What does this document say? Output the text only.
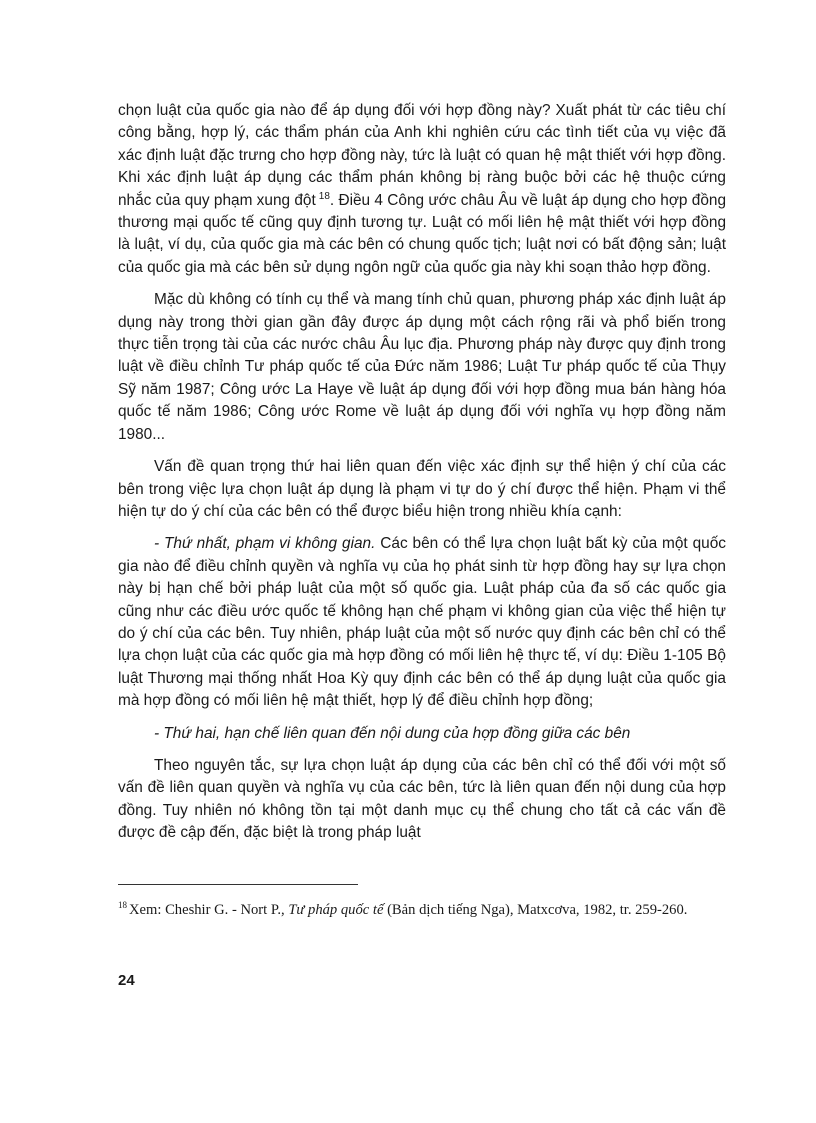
chọn luật của quốc gia nào để áp dụng đối với hợp đồng này? Xuất phát từ các tiêu chí công bằng, hợp lý, các thẩm phán của Anh khi nghiên cứu các tình tiết của vụ việc đã xác định luật đặc trưng cho hợp đồng này, tức là luật có quan hệ mật thiết với hợp đồng. Khi xác định luật áp dụng các thẩm phán không bị ràng buộc bởi các hệ thuộc cứng nhắc của quy phạm xung đột $^{18}$. Điều 4 Công ước châu Âu về luật áp dụng cho hợp đồng thương mại quốc tế cũng quy định tương tự. Luật có mối liên hệ mật thiết với hợp đồng là luật, ví dụ, của quốc gia mà các bên có chung quốc tịch; luật nơi có bất động sản; luật của quốc gia mà các bên sử dụng ngôn ngữ của quốc gia này khi soạn thảo hợp đồng.

Mặc dù không có tính cụ thể và mang tính chủ quan, phương pháp xác định luật áp dụng này trong thời gian gần đây được áp dụng một cách rộng rãi và phổ biến trong thực tiễn trọng tài của các nước châu Âu lục địa. Phương pháp này được quy định trong luật về điều chỉnh Tư pháp quốc tế của Đức năm 1986; Luật Tư pháp quốc tế của Thụy Sỹ năm 1987; Công ước La Haye về luật áp dụng đối với hợp đồng mua bán hàng hóa quốc tế năm 1986; Công ước Rome về luật áp dụng đối với nghĩa vụ hợp đồng năm 1980...

Vấn đề quan trọng thứ hai liên quan đến việc xác định sự thể hiện ý chí của các bên trong việc lựa chọn luật áp dụng là phạm vi tự do ý chí được thể hiện. Phạm vi thể hiện tự do ý chí của các bên có thể được biểu hiện trong nhiều khía cạnh:

- Thứ nhất, phạm vi không gian. Các bên có thể lựa chọn luật bất kỳ của một quốc gia nào để điều chỉnh quyền và nghĩa vụ của họ phát sinh từ hợp đồng hay sự lựa chọn này bị hạn chế bởi pháp luật của một số quốc gia. Luật pháp của đa số các quốc gia cũng như các điều ước quốc tế không hạn chế phạm vi không gian của việc thể hiện tự do ý chí của các bên. Tuy nhiên, pháp luật của một số nước quy định các bên chỉ có thể lựa chọn luật của các quốc gia mà hợp đồng có mối liên hệ thực tế, ví dụ: Điều 1-105 Bộ luật Thương mại thống nhất Hoa Kỳ quy định các bên có thể áp dụng luật của quốc gia mà hợp đồng có mối liên hệ mật thiết, hợp lý để điều chỉnh hợp đồng;

- Thứ hai, hạn chế liên quan đến nội dung của hợp đồng giữa các bên

Theo nguyên tắc, sự lựa chọn luật áp dụng của các bên chỉ có thể đối với một số vấn đề liên quan quyền và nghĩa vụ của các bên, tức là liên quan đến nội dung của hợp đồng. Tuy nhiên nó không tồn tại một danh mục cụ thể chung cho tất cả các vấn đề được đề cập đến, đặc biệt là trong pháp luật

$^{18}$ Xem: Cheshir G. - Nort P., Tư pháp quốc tế (Bản dịch tiếng Nga), Matxcơva, 1982, tr. 259-260.
24
